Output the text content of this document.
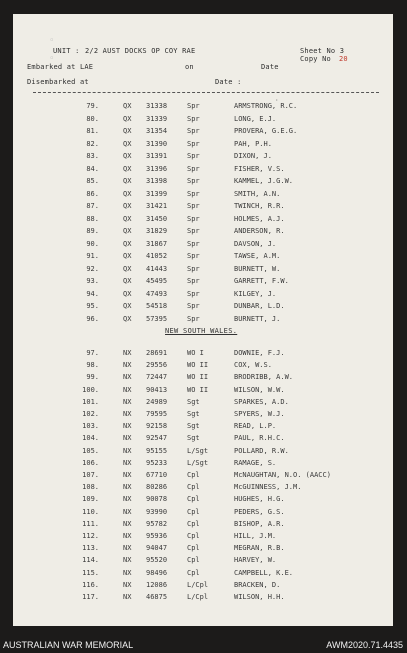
◦
◦
UNIT : 2/2 AUST DOCKS OP COY RAE	Sheet No 3
Copy No 20
Embarked at LAE	on	Date
Disembarked at	Date :
·
79.	QX 31338	Spr	ARMSTRONG, R.C.
80.	QX 31339	Spr	LONG, E.J.
81.	QX 31354	Spr	PROVERA, G.E.G.
82.	QX 31390	Spr	PAH, P.H.
83.	QX 31391	Spr	DIXON, J.
84.	QX 31396	Spr	FISHER, V.S.
85.	QX 31398	Spr	KAMMEL, J.G.W.
86.	QX 31399	Spr	SMITH, A.N.
87.	QX 31421	Spr	TWINCH, R.R.
88.	QX 31450	Spr	HOLMES, A.J.
89.	QX 31829	Spr	ANDERSON, R.
90.	QX 31867	Spr	DAVSON, J.
91.	QX 41052	Spr	TAWSE, A.M.
92.	QX 41443	Spr	BURNETT, W.
93.	QX 45495	Spr	GARRETT, F.W.
94.	QX 47493	Spr	KILGEY, J.
95.	QX 54518	Spr	DUNBAR, L.D.
96.	QX 57395	Spr	BURNETT, J.
NEW SOUTH WALES.
97.	NX 28691	WO I	DOWNIE, F.J.
98.	NX 29556	WO II	COX, W.S.
99.	NX 72447	WO II	BRODRIBB, A.W.
100.	NX 90413	WO II	WILSON, W.W.
101.	NX 24989	Sgt	SPARKES, A.D.
102.	NX 79595	Sgt	SPYERS, W.J.
103.	NX 92158	Sgt	READ, L.P.
104.	NX 92547	Sgt	PAUL, R.H.C.
105.	NX 95155	L/Sgt	POLLARD, R.W.
106.	NX 95233	L/Sgt	RAMAGE, S.
107.	NX 67710	Cpl	McNAUGHTAN, N.O. (AACC)
108.	NX 80286	Cpl	McGUINNESS, J.M.
109.	NX 90078	Cpl	HUGHES, H.G.
110.	NX 93990	Cpl	PEDERS, G.S.
111.	NX 95782	Cpl	BISHOP, A.R.
112.	NX 95936	Cpl	HILL, J.M.
113.	NX 94047	Cpl	MEGRAN, R.B.
114.	NX 95520	Cpl	HARVEY, W.
115.	NX 98496	Cpl	CAMPBELL, K.E.
116.	NX 12086	L/Cpl	BRACKEN, D.
117.	NX 46875	L/Cpl	WILSON, H.H.
AUSTRALIAN WAR MEMORIAL	AWM2020.71.4435
